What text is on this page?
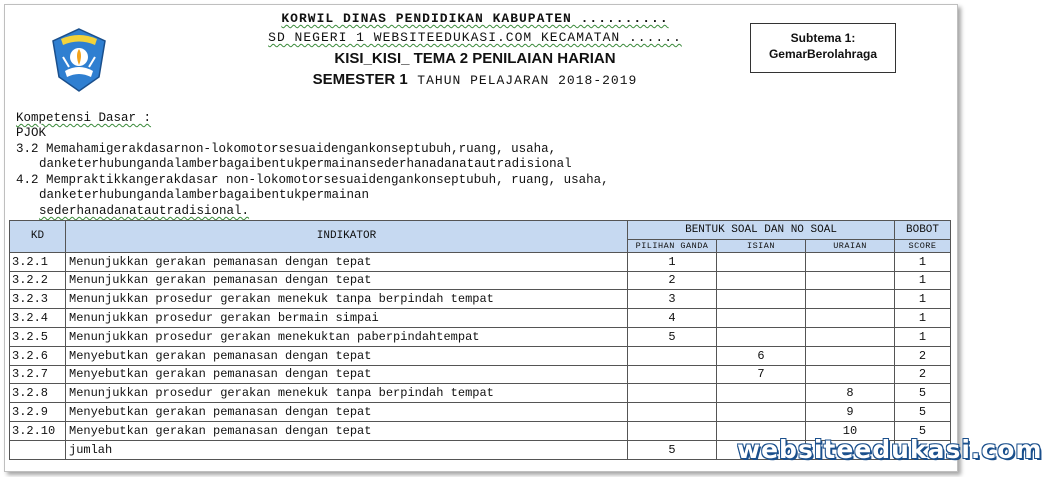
KORWIL DINAS PENDIDIKAN KABUPATEN ..........
SD NEGERI 1 WEBSITEEDUKASI.COM KECAMATAN ......
KISI_KISI_ TEMA 2 PENILAIAN HARIAN
SEMESTER 1 TAHUN PELAJARAN 2018-2019
Subtema 1:
GemarBerolahraga
Kompetensi Dasar :
PJOK
3.2 Memahamigerakdasarnon-lokomotorsesuaidengankonseptubuh,ruang, usaha,
danketerhubungandalamberbagaibentukpermainansederhanadanatautradisional
4.2 Mempraktikkangerakdasar non-lokomotorsesuaidengankonseptubuh, ruang, usaha,
danketerhubungandalamberbagaibentukpermainan
sederhanadanatautradisional.
KD	INDIKATOR	BENTUK SOAL DAN NO SOAL			BOBOT
		PILIHAN GANDA	ISIAN	URAIAN	SCORE
3.2.1	Menunjukkan gerakan pemanasan dengan tepat	1			1
3.2.2	Menunjukkan gerakan pemanasan dengan tepat	2			1
3.2.3	Menunjukkan prosedur gerakan menekuk tanpa berpindah tempat	3			1
3.2.4	Menunjukkan prosedur gerakan bermain simpai	4			1
3.2.5	Menunjukkan prosedur gerakan menekuktan paberpindahtempat	5			1
3.2.6	Menyebutkan gerakan pemanasan dengan tepat		6		2
3.2.7	Menyebutkan gerakan pemanasan dengan tepat		7		2
3.2.8	Menunjukkan prosedur gerakan menekuk tanpa berpindah tempat			8	5
3.2.9	Menyebutkan gerakan pemanasan dengan tepat			9	5
3.2.10	Menyebutkan gerakan pemanasan dengan tepat			10	5
	jumlah	5			websiteedukasi.com
